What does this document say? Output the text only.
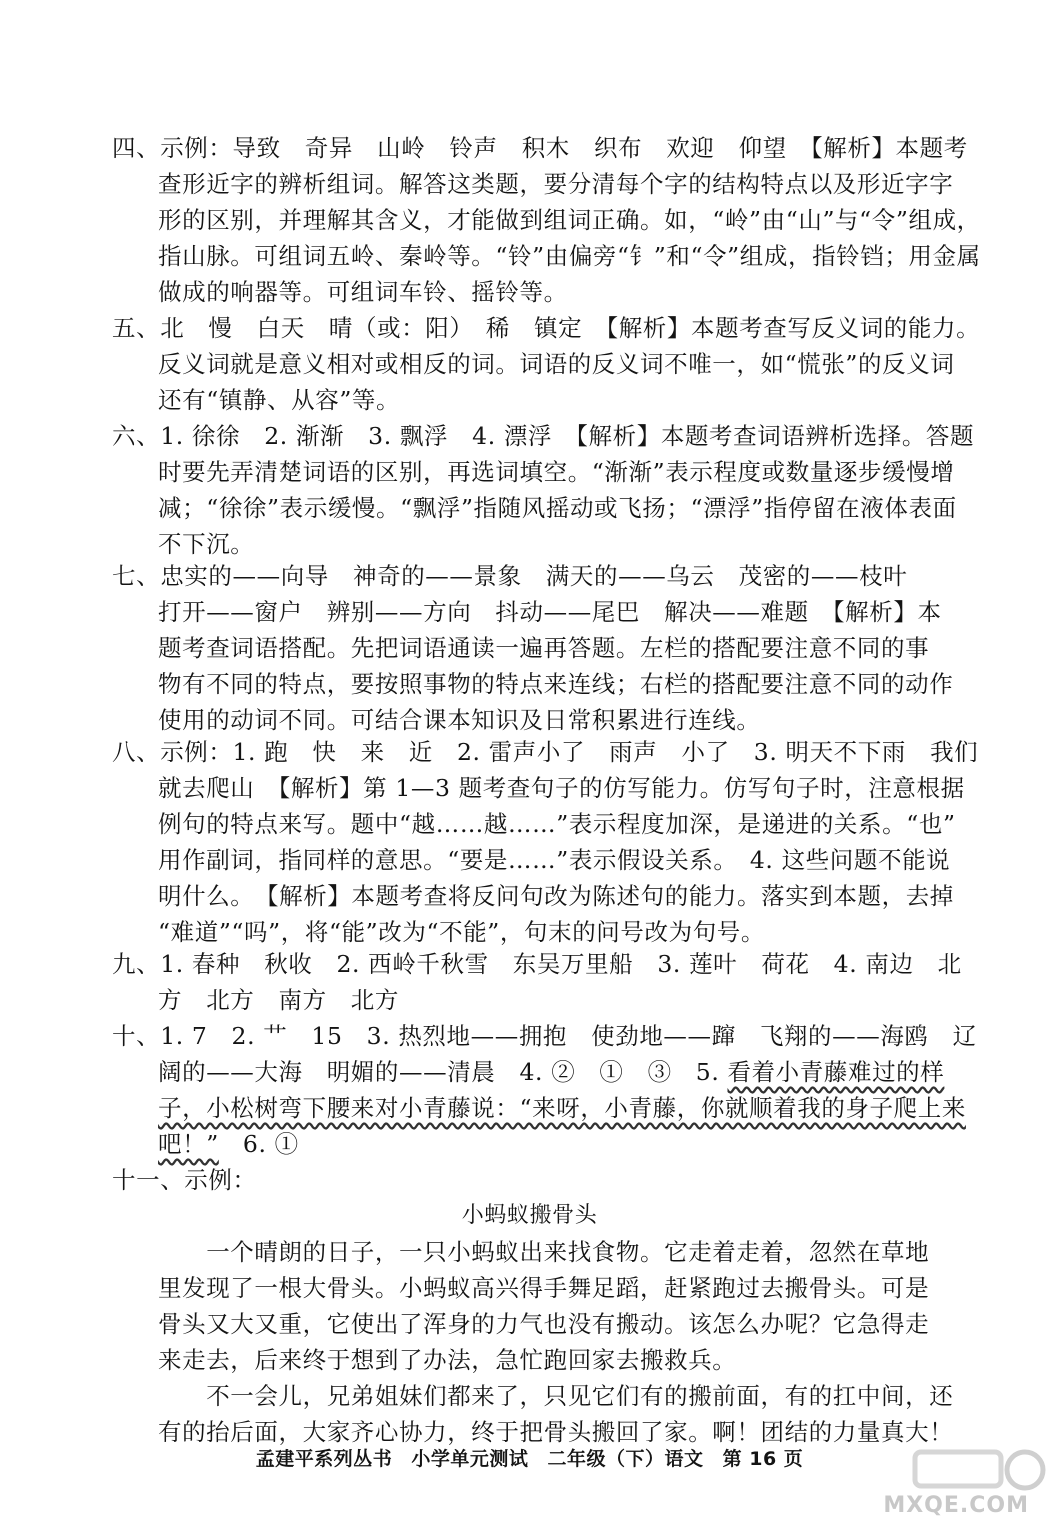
四、示例：导致　奇异　山岭　铃声　积木　织布　欢迎　仰望　【解析】本题考
查形近字的辨析组词。解答这类题，要分清每个字的结构特点以及形近字字
形的区别，并理解其含义，才能做到组词正确。如，“岭”由“山”与“令”组成，
指山脉。可组词五岭、秦岭等。“铃”由偏旁“钅”和“令”组成，指铃铛；用金属
做成的响器等。可组词车铃、摇铃等。
五、北　慢　白天　晴（或：阳）　稀　镇定　【解析】本题考查写反义词的能力。
反义词就是意义相对或相反的词。词语的反义词不唯一，如“慌张”的反义词
还有“镇静、从容”等。
六、1. 徐徐　2. 渐渐　3. 飘浮　4. 漂浮　【解析】本题考查词语辨析选择。答题
时要先弄清楚词语的区别，再选词填空。“渐渐”表示程度或数量逐步缓慢增
减；“徐徐”表示缓慢。“飘浮”指随风摇动或飞扬；“漂浮”指停留在液体表面
不下沉。
七、忠实的——向导　神奇的——景象　满天的——乌云　茂密的——枝叶
打开——窗户　辨别——方向　抖动——尾巴　解决——难题　【解析】本
题考查词语搭配。先把词语通读一遍再答题。左栏的搭配要注意不同的事
物有不同的特点，要按照事物的特点来连线；右栏的搭配要注意不同的动作
使用的动词不同。可结合课本知识及日常积累进行连线。
八、示例：1. 跑　快　来　近　2. 雷声小了　雨声　小了　3. 明天不下雨　我们
就去爬山　【解析】第 1—3 题考查句子的仿写能力。仿写句子时，注意根据
例句的特点来写。题中“越……越……”表示程度加深，是递进的关系。“也”
用作副词，指同样的意思。“要是……”表示假设关系。　4. 这些问题不能说
明什么。　【解析】本题考查将反问句改为陈述句的能力。落实到本题，去掉
“难道”“吗”，将“能”改为“不能”，句末的问号改为句号。
九、1. 春种　秋收　2. 西岭千秋雪　东吴万里船　3. 莲叶　荷花　4. 南边　北
方　北方　南方　北方
十、1. 7　2. 艹　15　3. 热烈地——拥抱　使劲地——蹿　飞翔的——海鸥　辽
阔的——大海　明媚的——清晨　4. ②　①　③　5. 看着小青藤难过的样
子，小松树弯下腰来对小青藤说：“来呀，小青藤，你就顺着我的身子爬上来
吧！”　6. ①
十一、示例：
小蚂蚁搬骨头
　　一个晴朗的日子，一只小蚂蚁出来找食物。它走着走着，忽然在草地
里发现了一根大骨头。小蚂蚁高兴得手舞足蹈，赶紧跑过去搬骨头。可是
骨头又大又重，它使出了浑身的力气也没有搬动。该怎么办呢？它急得走
来走去，后来终于想到了办法，急忙跑回家去搬救兵。
　　不一会儿，兄弟姐妹们都来了，只见它们有的搬前面，有的扛中间，还
有的抬后面，大家齐心协力，终于把骨头搬回了家。啊！团结的力量真大！
孟建平系列丛书 小学单元测试 二年级（下）语文 第 16 页
MXQE.COM
